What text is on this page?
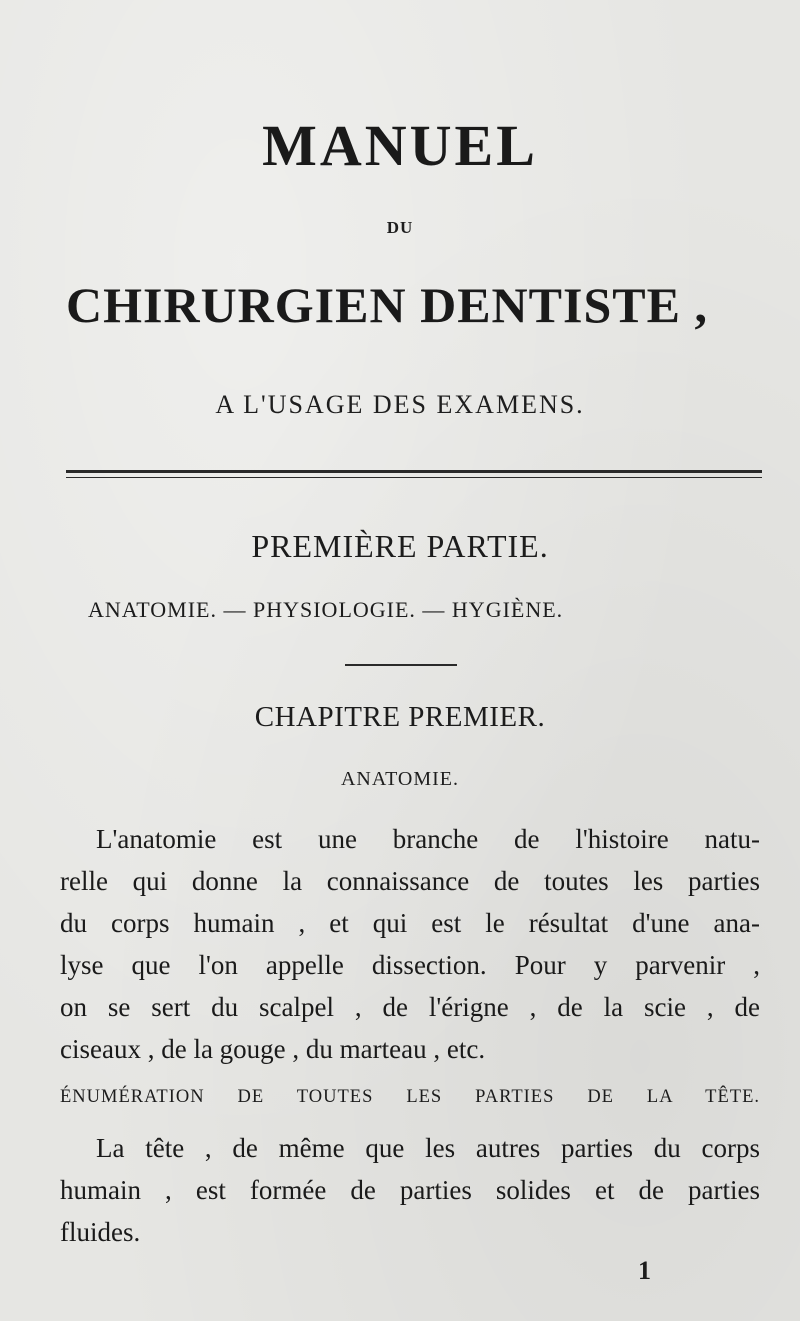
MANUEL
DU
CHIRURGIEN DENTISTE ,
A L'USAGE DES EXAMENS.
PREMIÈRE PARTIE.
ANATOMIE. — PHYSIOLOGIE. — HYGIÈNE.
CHAPITRE PREMIER.
ANATOMIE.
L'anatomie est une branche de l'histoire natu-
relle qui donne la connaissance de toutes les parties
du corps humain , et qui est le résultat d'une ana-
lyse que l'on appelle dissection. Pour y parvenir ,
on se sert du scalpel , de l'érigne , de la scie , de
ciseaux , de la gouge , du marteau , etc.
ÉNUMÉRATION DE TOUTES LES PARTIES DE LA TÊTE.
La tête , de même que les autres parties du corps
humain , est formée de parties solides et de parties
fluides.
1
